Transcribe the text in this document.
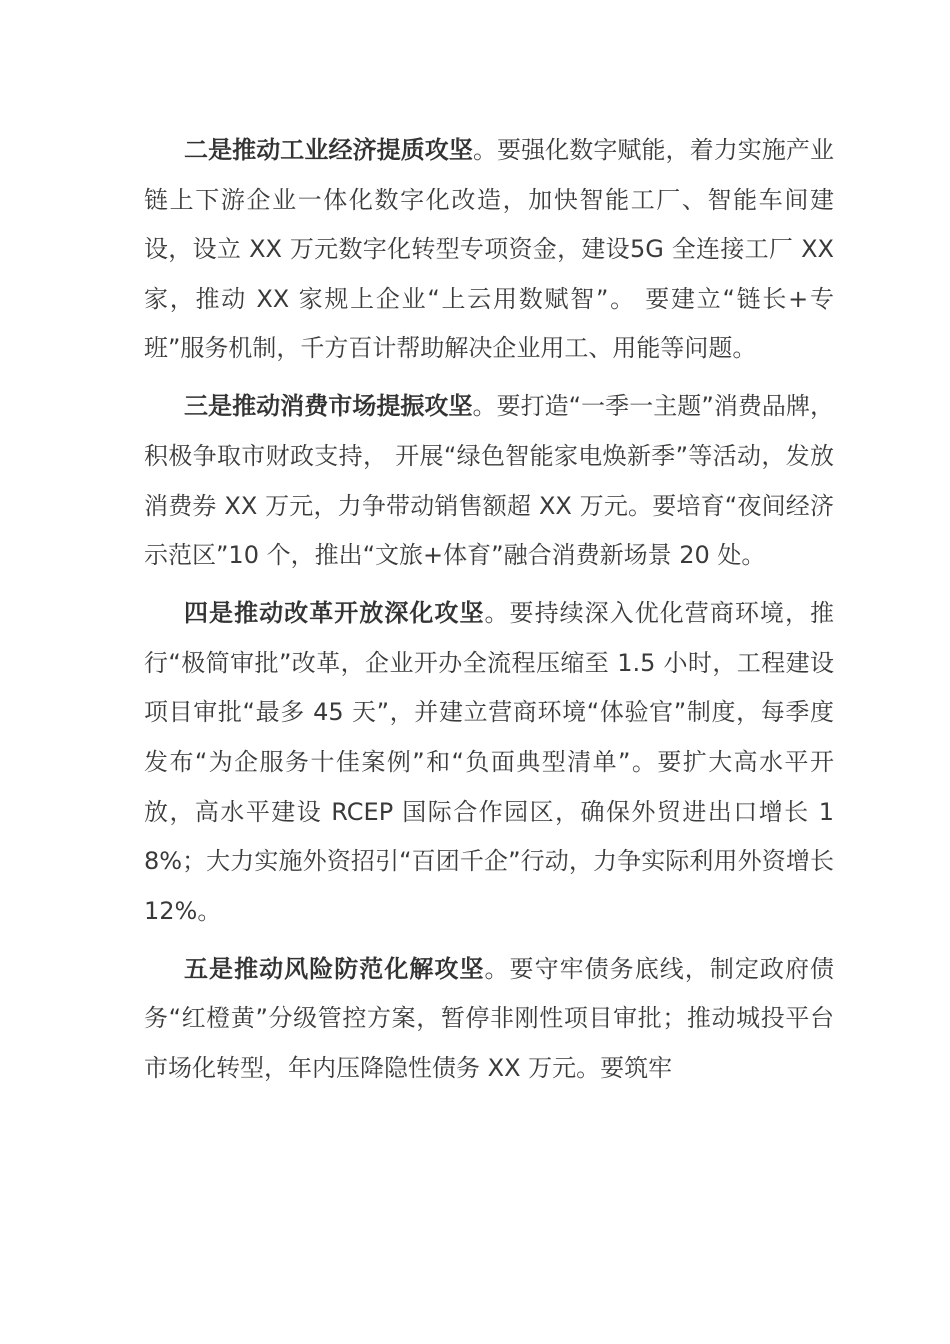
二是推动工业经济提质攻坚。要强化数字赋能，着力实施产业链上下游企业一体化数字化改造，加快智能工厂、智能车间建设，设立 XX 万元数字化转型专项资金，建设5G 全连接工厂 XX 家，推动 XX 家规上企业“上云用数赋智”。 要建立“链长+专班”服务机制，千方百计帮助解决企业用工、用能等问题。

三是推动消费市场提振攻坚。要打造“一季一主题”消费品牌，积极争取市财政支持， 开展“绿色智能家电焕新季”等活动，发放消费券 XX 万元，力争带动销售额超 XX 万元。要培育“夜间经济示范区”10 个，推出“文旅+体育”融合消费新场景 20 处。

四是推动改革开放深化攻坚。要持续深入优化营商环境，推行“极简审批”改革，企业开办全流程压缩至 1.5 小时，工程建设项目审批“最多 45 天”，并建立营商环境“体验官”制度，每季度发布“为企服务十佳案例”和“负面典型清单”。要扩大高水平开放，高水平建设 RCEP 国际合作园区，确保外贸进出口增长 18%；大力实施外资招引“百团千企”行动，力争实际利用外资增长 12%。

五是推动风险防范化解攻坚。要守牢债务底线，制定政府债务“红橙黄”分级管控方案，暂停非刚性项目审批；推动城投平台市场化转型，年内压降隐性债务 XX 万元。要筑牢
